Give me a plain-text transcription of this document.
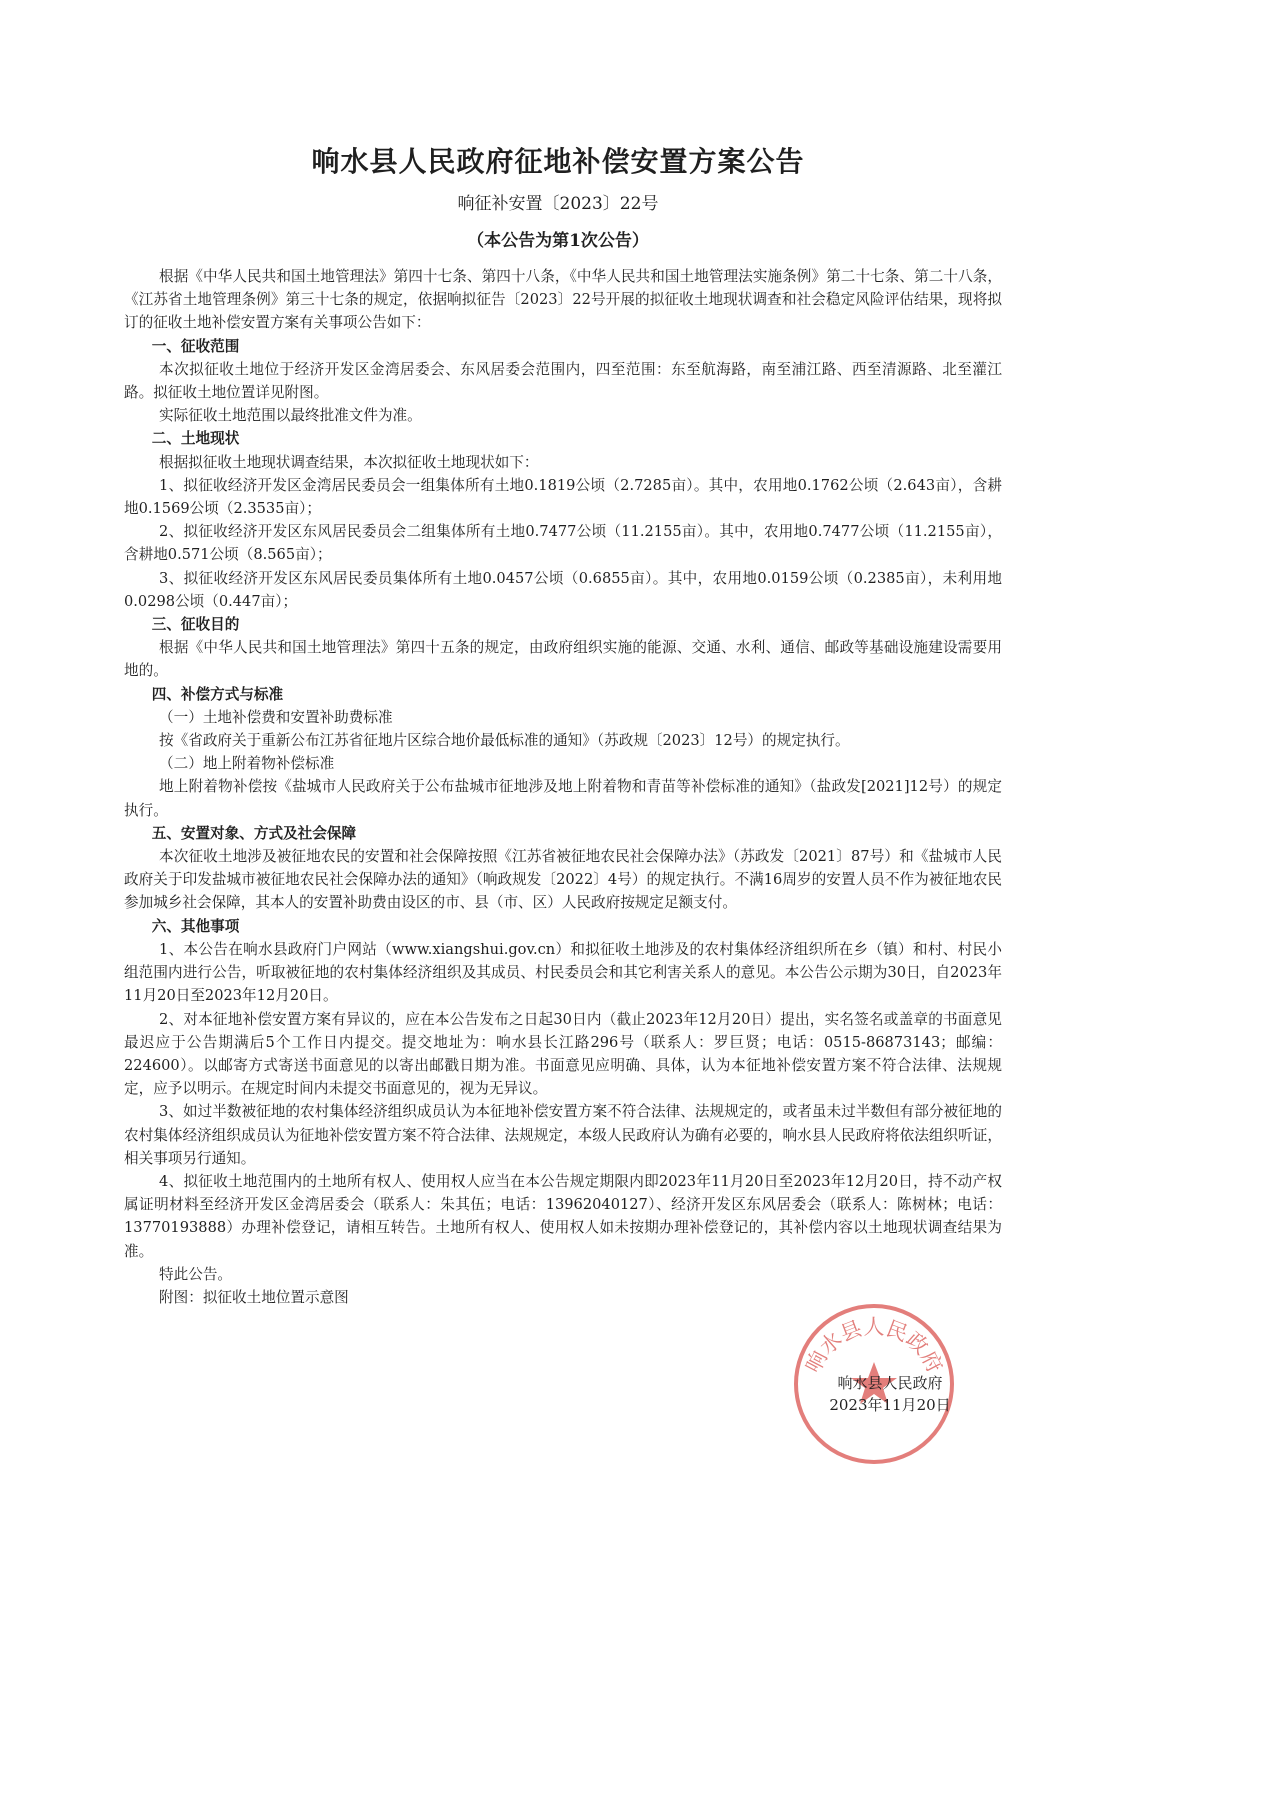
响水县人民政府征地补偿安置方案公告
响征补安置〔2023〕22号
（本公告为第1次公告）

根据《中华人民共和国土地管理法》第四十七条、第四十八条，《中华人民共和国土地管理法实施条例》第二十七条、第二十八条，《江苏省土地管理条例》第三十七条的规定，依据响拟征告〔2023〕22号开展的拟征收土地现状调查和社会稳定风险评估结果，现将拟订的征收土地补偿安置方案有关事项公告如下：

一、征收范围

本次拟征收土地位于经济开发区金湾居委会、东风居委会范围内，四至范围：东至航海路，南至浦江路、西至清源路、北至灌江路。拟征收土地位置详见附图。

实际征收土地范围以最终批准文件为准。

二、土地现状

根据拟征收土地现状调查结果，本次拟征收土地现状如下：

1、拟征收经济开发区金湾居民委员会一组集体所有土地0.1819公顷（2.7285亩）。其中，农用地0.1762公顷（2.643亩），含耕地0.1569公顷（2.3535亩）；

2、拟征收经济开发区东风居民委员会二组集体所有土地0.7477公顷（11.2155亩）。其中，农用地0.7477公顷（11.2155亩），含耕地0.571公顷（8.565亩）；

3、拟征收经济开发区东风居民委员集体所有土地0.0457公顷（0.6855亩）。其中，农用地0.0159公顷（0.2385亩），未利用地0.0298公顷（0.447亩）；

三、征收目的

根据《中华人民共和国土地管理法》第四十五条的规定，由政府组织实施的能源、交通、水利、通信、邮政等基础设施建设需要用地的。

四、补偿方式与标准

（一）土地补偿费和安置补助费标准

按《省政府关于重新公布江苏省征地片区综合地价最低标准的通知》（苏政规〔2023〕12号）的规定执行。

（二）地上附着物补偿标准

地上附着物补偿按《盐城市人民政府关于公布盐城市征地涉及地上附着物和青苗等补偿标准的通知》（盐政发[2021]12号）的规定执行。

五、安置对象、方式及社会保障

本次征收土地涉及被征地农民的安置和社会保障按照《江苏省被征地农民社会保障办法》（苏政发〔2021〕87号）和《盐城市人民政府关于印发盐城市被征地农民社会保障办法的通知》（响政规发〔2022〕4号）的规定执行。不满16周岁的安置人员不作为被征地农民参加城乡社会保障，其本人的安置补助费由设区的市、县（市、区）人民政府按规定足额支付。

六、其他事项

1、本公告在响水县政府门户网站（www.xiangshui.gov.cn）和拟征收土地涉及的农村集体经济组织所在乡（镇）和村、村民小组范围内进行公告，听取被征地的农村集体经济组织及其成员、村民委员会和其它利害关系人的意见。本公告公示期为30日，自2023年11月20日至2023年12月20日。

2、对本征地补偿安置方案有异议的，应在本公告发布之日起30日内（截止2023年12月20日）提出，实名签名或盖章的书面意见最迟应于公告期满后5个工作日内提交。提交地址为：响水县长江路296号（联系人：罗巨贤；电话：0515-86873143；邮编：224600）。以邮寄方式寄送书面意见的以寄出邮戳日期为准。书面意见应明确、具体，认为本征地补偿安置方案不符合法律、法规规定，应予以明示。在规定时间内未提交书面意见的，视为无异议。

3、如过半数被征地的农村集体经济组织成员认为本征地补偿安置方案不符合法律、法规规定的，或者虽未过半数但有部分被征地的农村集体经济组织成员认为征地补偿安置方案不符合法律、法规规定，本级人民政府认为确有必要的，响水县人民政府将依法组织听证，相关事项另行通知。

4、拟征收土地范围内的土地所有权人、使用权人应当在本公告规定期限内即2023年11月20日至2023年12月20日，持不动产权属证明材料至经济开发区金湾居委会（联系人：朱其伍；电话：13962040127）、经济开发区东风居委会（联系人：陈树林；电话：13770193888）办理补偿登记，请相互转告。土地所有权人、使用权人如未按期办理补偿登记的，其补偿内容以土地现状调查结果为准。

特此公告。

附图：拟征收土地位置示意图

响水县人民政府
响水县人民政府
2023年11月20日
